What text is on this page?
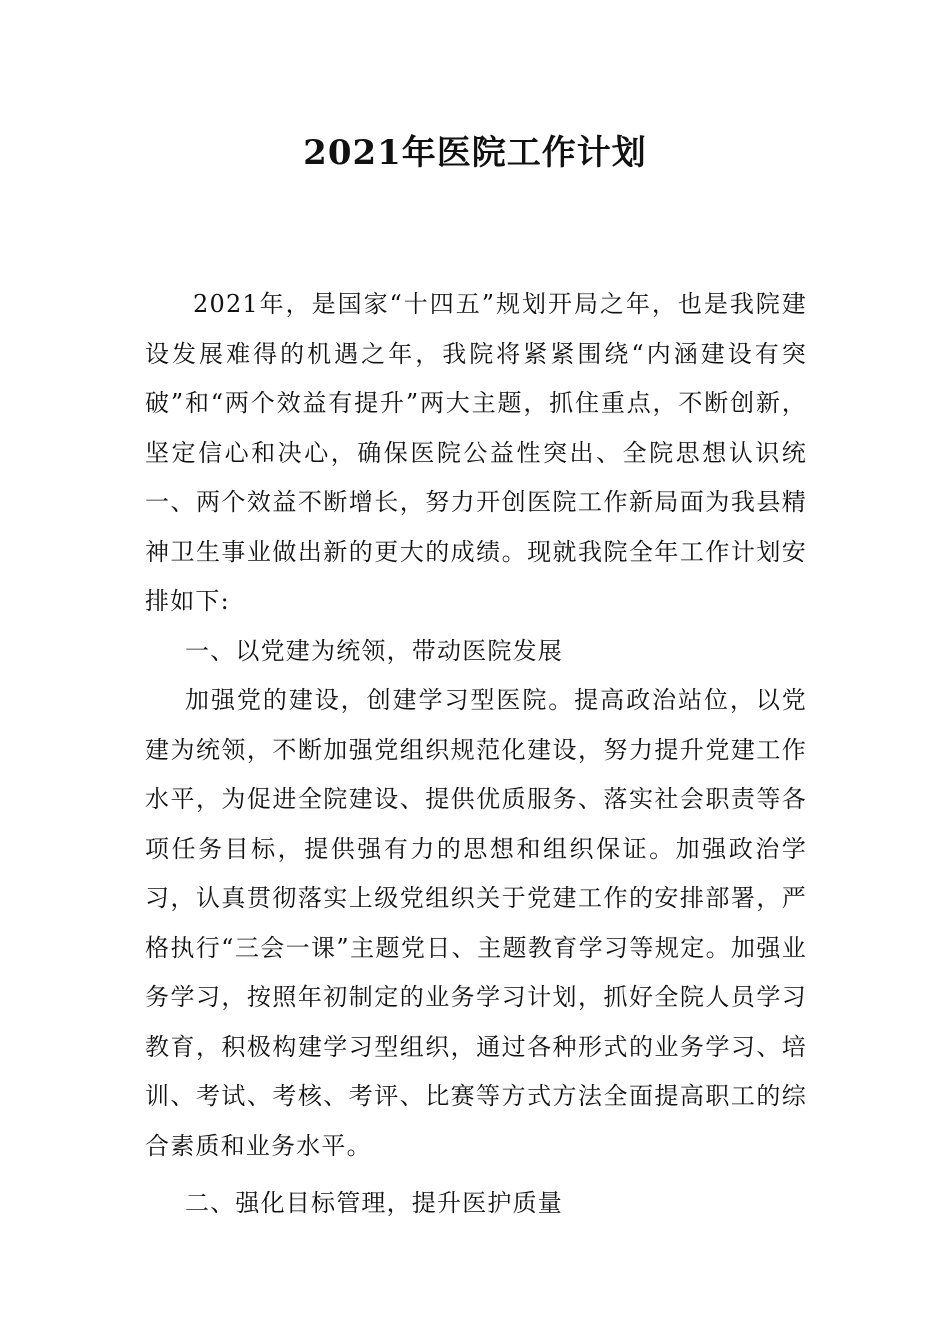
2021年医院工作计划

2021年，是国家“十四五”规划开局之年，也是我院建设发展难得的机遇之年，我院将紧紧围绕“内涵建设有突破”和“两个效益有提升”两大主题，抓住重点，不断创新，坚定信心和决心，确保医院公益性突出、全院思想认识统一、两个效益不断增长，努力开创医院工作新局面为我县精神卫生事业做出新的更大的成绩。现就我院全年工作计划安排如下:

一、以党建为统领，带动医院发展

加强党的建设，创建学习型医院。提高政治站位，以党建为统领，不断加强党组织规范化建设，努力提升党建工作水平，为促进全院建设、提供优质服务、落实社会职责等各项任务目标，提供强有力的思想和组织保证。加强政治学习，认真贯彻落实上级党组织关于党建工作的安排部署，严格执行“三会一课”主题党日、主题教育学习等规定。加强业务学习，按照年初制定的业务学习计划，抓好全院人员学习教育，积极构建学习型组织，通过各种形式的业务学习、培训、考试、考核、考评、比赛等方式方法全面提高职工的综合素质和业务水平。

二、强化目标管理，提升医护质量
